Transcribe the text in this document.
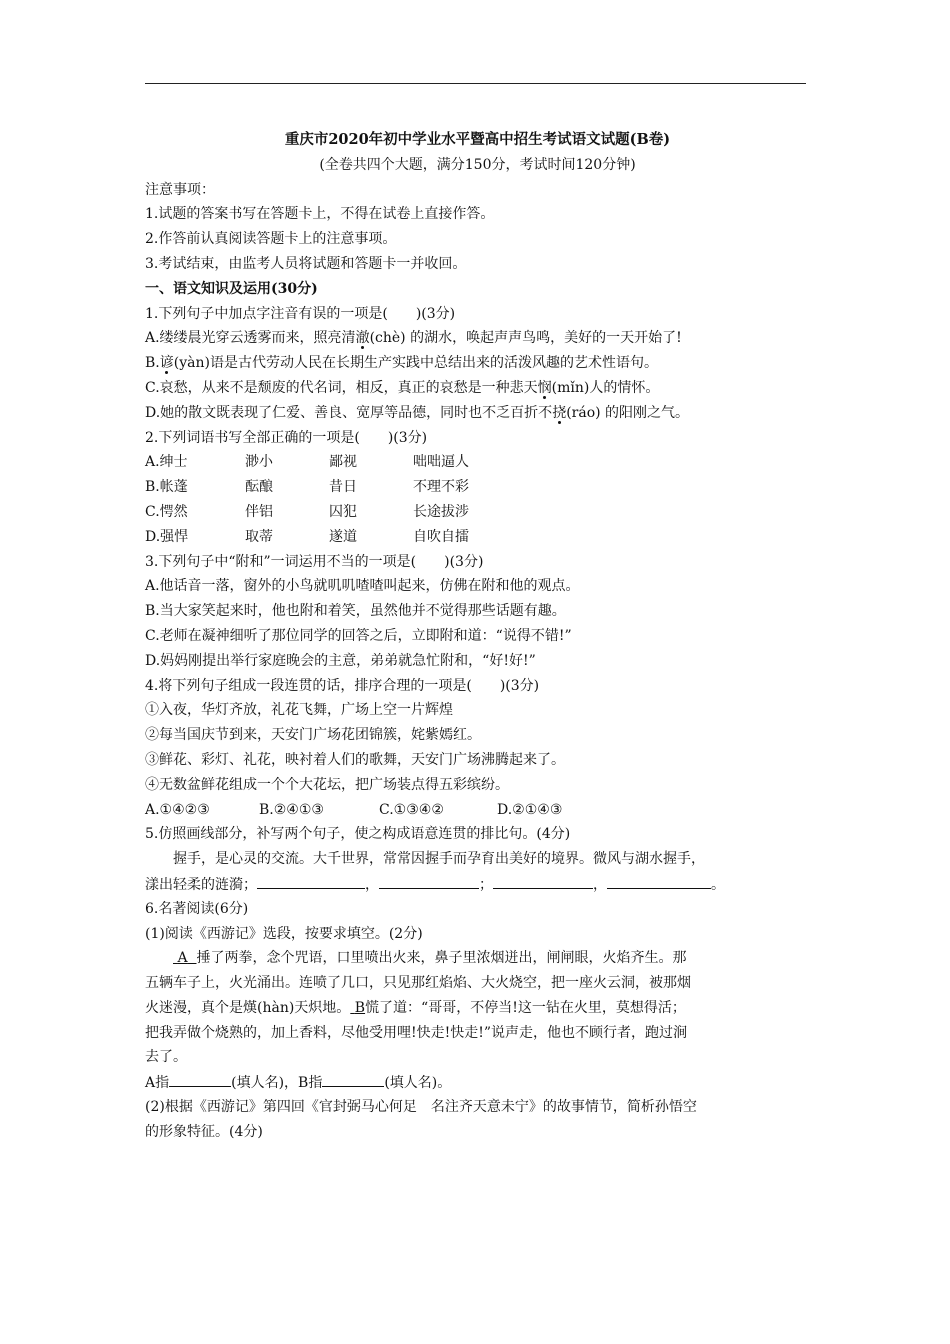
重庆市2020年初中学业水平暨高中招生考试语文试题(B卷)
(全卷共四个大题，满分150分，考试时间120分钟)
注意事项：
1.试题的答案书写在答题卡上，不得在试卷上直接作答。
2.作答前认真阅读答题卡上的注意事项。
3.考试结束，由监考人员将试题和答题卡一并收回。
一、语文知识及运用(30分)
1.下列句子中加点字注音有误的一项是(　　)(3分)
A.缕缕晨光穿云透雾而来，照亮清澈(chè) 的湖水，唤起声声鸟鸣，美好的一天开始了!
B.谚(yàn)语是古代劳动人民在长期生产实践中总结出来的活泼风趣的艺术性语句。
C.哀愁，从来不是颓废的代名词，相反，真正的哀愁是一种悲天悯(mǐn)人的情怀。
D.她的散文既表现了仁爱、善良、宽厚等品德，同时也不乏百折不挠(ráo) 的阳刚之气。
2.下列词语书写全部正确的一项是(　　)(3分)
A.绅士	渺小	鄙视	咄咄逼人
B.帐蓬	酝酿	昔日	不理不彩
C.愕然	伴铝	囚犯	长途拔涉
D.强悍	取蒂	遂道	自吹自擂
3.下列句子中“附和”一词运用不当的一项是(　　)(3分)
A.他话音一落，窗外的小鸟就叽叽喳喳叫起来，仿佛在附和他的观点。
B.当大家笑起来时，他也附和着笑，虽然他并不觉得那些话题有趣。
C.老师在凝神细听了那位同学的回答之后，立即附和道：“说得不错!”
D.妈妈刚提出举行家庭晚会的主意，弟弟就急忙附和，“好!好!”
4.将下列句子组成一段连贯的话，排序合理的一项是(　　)(3分)
①入夜，华灯齐放，礼花飞舞，广场上空一片辉煌
②每当国庆节到来，天安门广场花团锦簇，姹紫嫣红。
③鲜花、彩灯、礼花，映衬着人们的歌舞，天安门广场沸腾起来了。
④无数盆鲜花组成一个个大花坛，把广场装点得五彩缤纷。
A.①④②③	B.②④①③	C.①③④②	D.②①④③
5.仿照画线部分，补写两个句子，使之构成语意连贯的排比句。(4分)
握手，是心灵的交流。大千世界，常常因握手而孕育出美好的境界。微风与湖水握手，
漾出轻柔的涟漪；	，	；	，	。
6.名著阅读(6分)
(1)阅读《西游记》选段，按要求填空。(2分)
A 捶了两拳，念个咒语，口里喷出火来，鼻子里浓烟迸出，闸闸眼，火焰齐生。那
五辆车子上，火光涌出。连喷了几口，只见那红焰焰、大火烧空，把一座火云洞，被那烟
火迷漫，真个是熯(hàn)天炽地。 B慌了道：“哥哥，不停当!这一钻在火里，莫想得活；
把我弄做个烧熟的，加上香料，尽他受用哩!快走!快走!”说声走，他也不顾行者，跑过涧
去了。
A指	(填人名)，B指	(填人名)。
(2)根据《西游记》第四回《官封弼马心何足　名注齐天意未宁》的故事情节，简析孙悟空
的形象特征。(4分)
